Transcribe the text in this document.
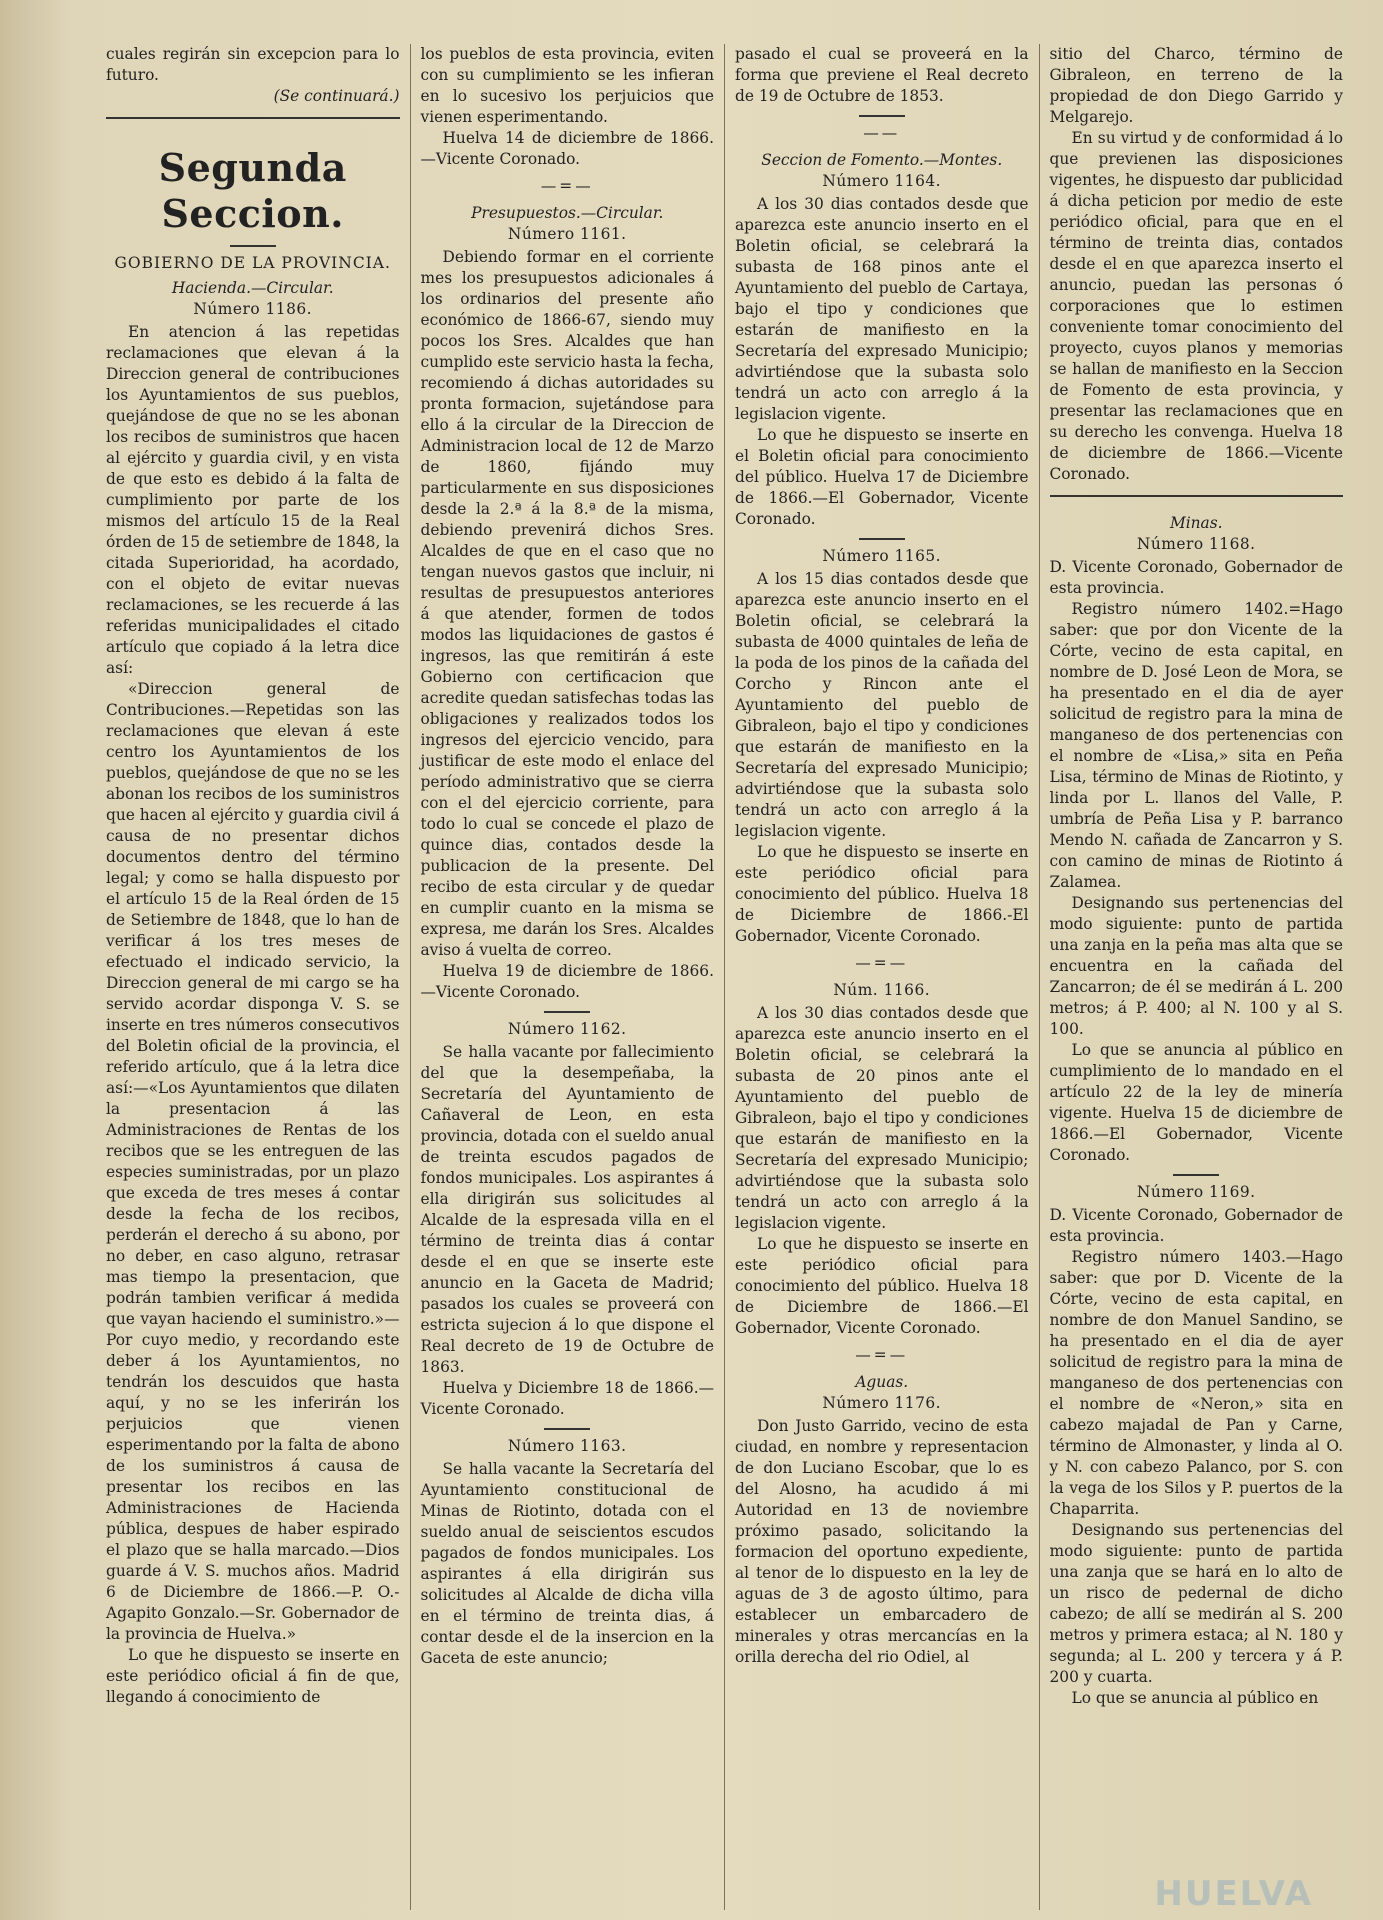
cuales regirán sin excepcion para lo futuro.

(Se continuará.)
Segunda Seccion.
GOBIERNO DE LA PROVINCIA.
Hacienda.—Circular.
Número 1186.

En atencion á las repetidas reclamaciones que elevan á la Direccion general de contribuciones los Ayuntamientos de sus pueblos, quejándose de que no se les abonan los recibos de suministros que hacen al ejército y guardia civil, y en vista de que esto es debido á la falta de cumplimiento por parte de los mismos del artículo 15 de la Real órden de 15 de setiembre de 1848, la citada Superioridad, ha acordado, con el objeto de evitar nuevas reclamaciones, se les recuerde á las referidas municipalidades el citado artículo que copiado á la letra dice así:

«Direccion general de Contribuciones.—Repetidas son las reclamaciones que elevan á este centro los Ayuntamientos de los pueblos, quejándose de que no se les abonan los recibos de los suministros que hacen al ejército y guardia civil á causa de no presentar dichos documentos dentro del término legal; y como se halla dispuesto por el artículo 15 de la Real órden de 15 de Setiembre de 1848, que lo han de verificar á los tres meses de efectuado el indicado servicio, la Direccion general de mi cargo se ha servido acordar disponga V. S. se inserte en tres números consecutivos del Boletin oficial de la provincia, el referido artículo, que á la letra dice así:—«Los Ayuntamientos que dilaten la presentacion á las Administraciones de Rentas de los recibos que se les entreguen de las especies suministradas, por un plazo que exceda de tres meses á contar desde la fecha de los recibos, perderán el derecho á su abono, por no deber, en caso alguno, retrasar mas tiempo la presentacion, que podrán tambien verificar á medida que vayan haciendo el suministro.»—Por cuyo medio, y recordando este deber á los Ayuntamientos, no tendrán los descuidos que hasta aquí, y no se les inferirán los perjuicios que vienen esperimentando por la falta de abono de los suministros á causa de presentar los recibos en las Administraciones de Hacienda pública, despues de haber espirado el plazo que se halla marcado.—Dios guarde á V. S. muchos años. Madrid 6 de Diciembre de 1866.—P. O.-Agapito Gonzalo.—Sr. Gobernador de la provincia de Huelva.»

Lo que he dispuesto se inserte en este periódico oficial á fin de que, llegando á conocimiento de

los pueblos de esta provincia, eviten con su cumplimiento se les infieran en lo sucesivo los perjuicios que vienen esperimentando.

Huelva 14 de diciembre de 1866.—Vicente Coronado.

—=—
Presupuestos.—Circular.
Número 1161.

Debiendo formar en el corriente mes los presupuestos adicionales á los ordinarios del presente año económico de 1866-67, siendo muy pocos los Sres. Alcaldes que han cumplido este servicio hasta la fecha, recomiendo á dichas autoridades su pronta formacion, sujetándose para ello á la circular de la Direccion de Administracion local de 12 de Marzo de 1860, fijándo muy particularmente en sus disposiciones desde la 2.ª á la 8.ª de la misma, debiendo prevenirá dichos Sres. Alcaldes de que en el caso que no tengan nuevos gastos que incluir, ni resultas de presupuestos anteriores á que atender, formen de todos modos las liquidaciones de gastos é ingresos, las que remitirán á este Gobierno con certificacion que acredite quedan satisfechas todas las obligaciones y realizados todos los ingresos del ejercicio vencido, para justificar de este modo el enlace del período administrativo que se cierra con el del ejercicio corriente, para todo lo cual se concede el plazo de quince dias, contados desde la publicacion de la presente. Del recibo de esta circular y de quedar en cumplir cuanto en la misma se expresa, me darán los Sres. Alcaldes aviso á vuelta de correo.

Huelva 19 de diciembre de 1866.—Vicente Coronado.

Número 1162.

Se halla vacante por fallecimiento del que la desempeñaba, la Secretaría del Ayuntamiento de Cañaveral de Leon, en esta provincia, dotada con el sueldo anual de treinta escudos pagados de fondos municipales. Los aspirantes á ella dirigirán sus solicitudes al Alcalde de la espresada villa en el término de treinta dias á contar desde el en que se inserte este anuncio en la Gaceta de Madrid; pasados los cuales se proveerá con estricta sujecion á lo que dispone el Real decreto de 19 de Octubre de 1863.

Huelva y Diciembre 18 de 1866.—Vicente Coronado.

Número 1163.

Se halla vacante la Secretaría del Ayuntamiento constitucional de Minas de Riotinto, dotada con el sueldo anual de seiscientos escudos pagados de fondos municipales. Los aspirantes á ella dirigirán sus solicitudes al Alcalde de dicha villa en el término de treinta dias, á contar desde el de la insercion en la Gaceta de este anuncio;

pasado el cual se proveerá en la forma que previene el Real decreto de 19 de Octubre de 1853.

——
Seccion de Fomento.—Montes.
Número 1164.

A los 30 dias contados desde que aparezca este anuncio inserto en el Boletin oficial, se celebrará la subasta de 168 pinos ante el Ayuntamiento del pueblo de Cartaya, bajo el tipo y condiciones que estarán de manifiesto en la Secretaría del expresado Municipio; advirtiéndose que la subasta solo tendrá un acto con arreglo á la legislacion vigente.

Lo que he dispuesto se inserte en el Boletin oficial para conocimiento del público. Huelva 17 de Diciembre de 1866.—El Gobernador, Vicente Coronado.

Número 1165.

A los 15 dias contados desde que aparezca este anuncio inserto en el Boletin oficial, se celebrará la subasta de 4000 quintales de leña de la poda de los pinos de la cañada del Corcho y Rincon ante el Ayuntamiento del pueblo de Gibraleon, bajo el tipo y condiciones que estarán de manifiesto en la Secretaría del expresado Municipio; advirtiéndose que la subasta solo tendrá un acto con arreglo á la legislacion vigente.

Lo que he dispuesto se inserte en este periódico oficial para conocimiento del público. Huelva 18 de Diciembre de 1866.-El Gobernador, Vicente Coronado.

—=—
Núm. 1166.

A los 30 dias contados desde que aparezca este anuncio inserto en el Boletin oficial, se celebrará la subasta de 20 pinos ante el Ayuntamiento del pueblo de Gibraleon, bajo el tipo y condiciones que estarán de manifiesto en la Secretaría del expresado Municipio; advirtiéndose que la subasta solo tendrá un acto con arreglo á la legislacion vigente.

Lo que he dispuesto se inserte en este periódico oficial para conocimiento del público. Huelva 18 de Diciembre de 1866.—El Gobernador, Vicente Coronado.

—=—
Aguas.
Número 1176.

Don Justo Garrido, vecino de esta ciudad, en nombre y representacion de don Luciano Escobar, que lo es del Alosno, ha acudido á mi Autoridad en 13 de noviembre próximo pasado, solicitando la formacion del oportuno expediente, al tenor de lo dispuesto en la ley de aguas de 3 de agosto último, para establecer un embarcadero de minerales y otras mercancías en la orilla derecha del rio Odiel, al

sitio del Charco, término de Gibraleon, en terreno de la propiedad de don Diego Garrido y Melgarejo.

En su virtud y de conformidad á lo que previenen las disposiciones vigentes, he dispuesto dar publicidad á dicha peticion por medio de este periódico oficial, para que en el término de treinta dias, contados desde el en que aparezca inserto el anuncio, puedan las personas ó corporaciones que lo estimen conveniente tomar conocimiento del proyecto, cuyos planos y memorias se hallan de manifiesto en la Seccion de Fomento de esta provincia, y presentar las reclamaciones que en su derecho les convenga. Huelva 18 de diciembre de 1866.—Vicente Coronado.

Minas.
Número 1168.

D. Vicente Coronado, Gobernador de esta provincia.

Registro número 1402.=Hago saber: que por don Vicente de la Córte, vecino de esta capital, en nombre de D. José Leon de Mora, se ha presentado en el dia de ayer solicitud de registro para la mina de manganeso de dos pertenencias con el nombre de «Lisa,» sita en Peña Lisa, término de Minas de Riotinto, y linda por L. llanos del Valle, P. umbría de Peña Lisa y P. barranco Mendo N. cañada de Zancarron y S. con camino de minas de Riotinto á Zalamea.

Designando sus pertenencias del modo siguiente: punto de partida una zanja en la peña mas alta que se encuentra en la cañada del Zancarron; de él se medirán á L. 200 metros; á P. 400; al N. 100 y al S. 100.

Lo que se anuncia al público en cumplimiento de lo mandado en el artículo 22 de la ley de minería vigente. Huelva 15 de diciembre de 1866.—El Gobernador, Vicente Coronado.

Número 1169.

D. Vicente Coronado, Gobernador de esta provincia.

Registro número 1403.—Hago saber: que por D. Vicente de la Córte, vecino de esta capital, en nombre de don Manuel Sandino, se ha presentado en el dia de ayer solicitud de registro para la mina de manganeso de dos pertenencias con el nombre de «Neron,» sita en cabezo majadal de Pan y Carne, término de Almonaster, y linda al O. y N. con cabezo Palanco, por S. con la vega de los Silos y P. puertos de la Chaparrita.

Designando sus pertenencias del modo siguiente: punto de partida una zanja que se hará en lo alto de un risco de pedernal de dicho cabezo; de allí se medirán al S. 200 metros y primera estaca; al N. 180 y segunda; al L. 200 y tercera y á P. 200 y cuarta.

Lo que se anuncia al público en

HUELVA
